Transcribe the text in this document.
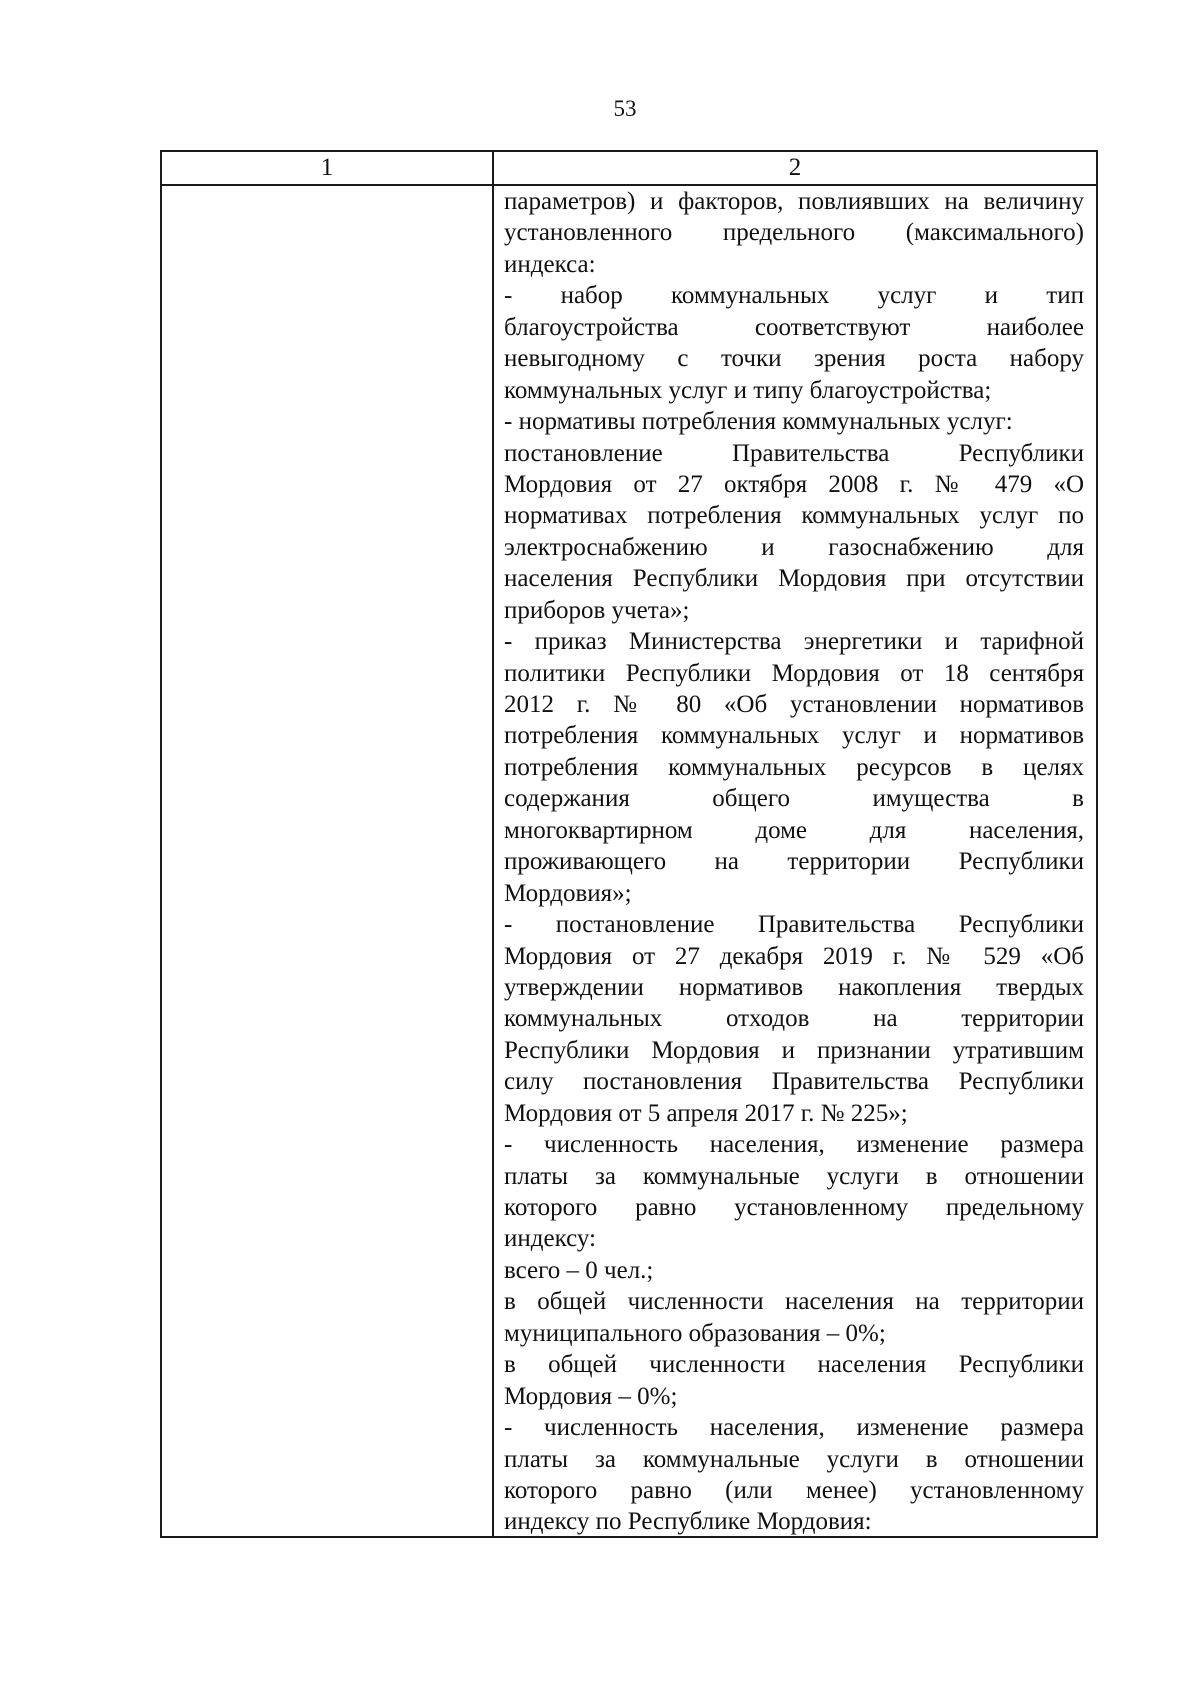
53
1	2
параметров) и факторов, повлиявших на величину
установленного предельного (максимального)
индекса:
- набор коммунальных услуг и тип
благоустройства соответствуют наиболее
невыгодному с точки зрения роста набору
коммунальных услуг и типу благоустройства;
- нормативы потребления коммунальных услуг:
постановление Правительства Республики
Мордовия от 27 октября 2008 г. № 479 «О
нормативах потребления коммунальных услуг по
электроснабжению и газоснабжению для
населения Республики Мордовия при отсутствии
приборов учета»;
- приказ Министерства энергетики и тарифной
политики Республики Мордовия от 18 сентября
2012 г. № 80 «Об установлении нормативов
потребления коммунальных услуг и нормативов
потребления коммунальных ресурсов в целях
содержания общего имущества в
многоквартирном доме для населения,
проживающего на территории Республики
Мордовия»;
- постановление Правительства Республики
Мордовия от 27 декабря 2019 г. № 529 «Об
утверждении нормативов накопления твердых
коммунальных отходов на территории
Республики Мордовия и признании утратившим
силу постановления Правительства Республики
Мордовия от 5 апреля 2017 г. № 225»;
- численность населения, изменение размера
платы за коммунальные услуги в отношении
которого равно установленному предельному
индексу:
всего – 0 чел.;
в общей численности населения на территории
муниципального образования – 0%;
в общей численности населения Республики
Мордовия – 0%;
- численность населения, изменение размера
платы за коммунальные услуги в отношении
которого равно (или менее) установленному
индексу по Республике Мордовия:
